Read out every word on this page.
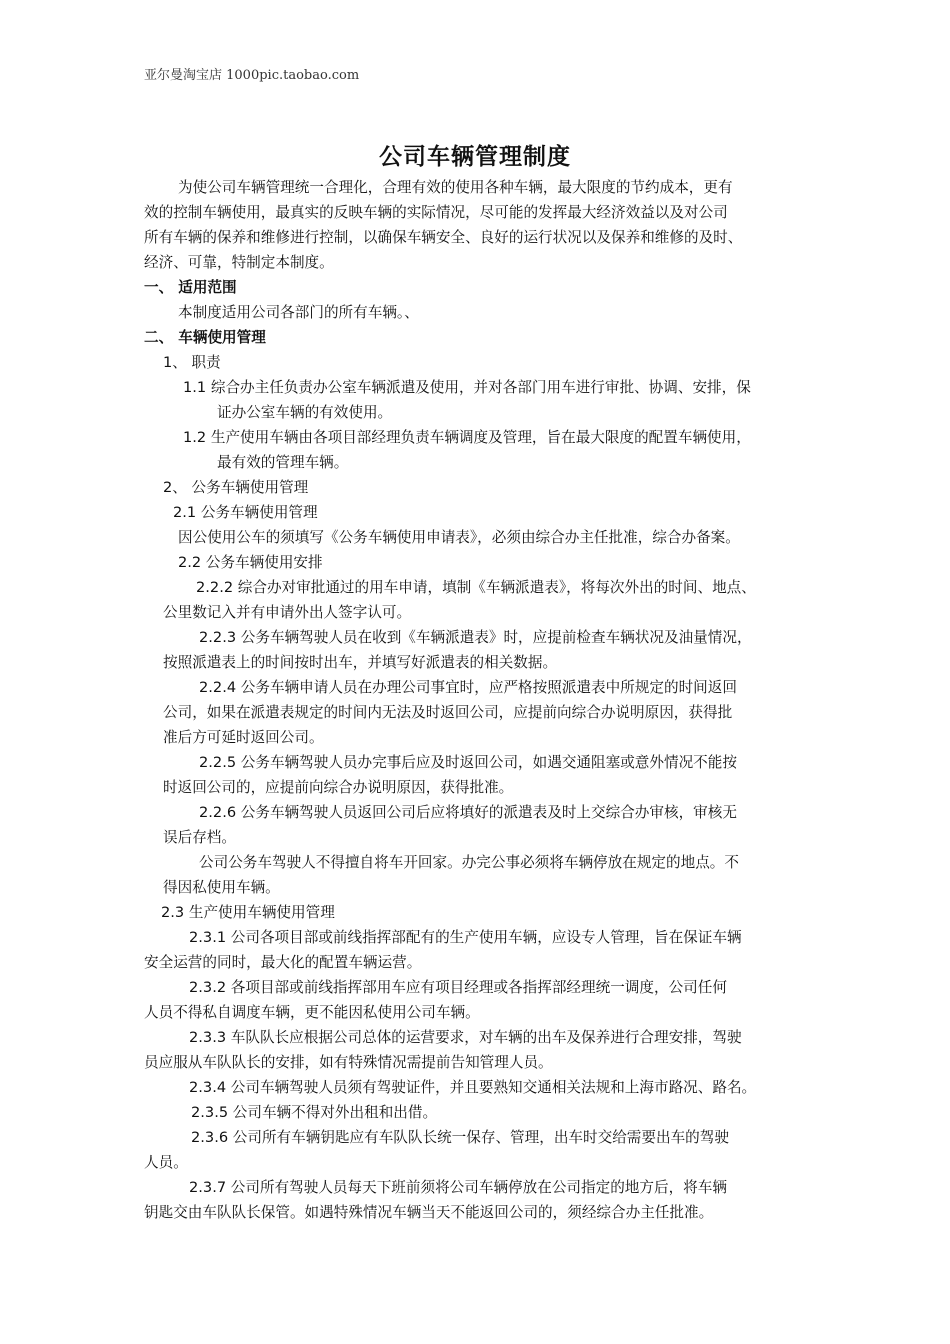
亚尔曼淘宝店 1000pic.taobao.com
公司车辆管理制度
为使公司车辆管理统一合理化，合理有效的使用各种车辆，最大限度的节约成本，更有
效的控制车辆使用，最真实的反映车辆的实际情况，尽可能的发挥最大经济效益以及对公司
所有车辆的保养和维修进行控制，以确保车辆安全、良好的运行状况以及保养和维修的及时、
经济、可靠，特制定本制度。
一、 适用范围
本制度适用公司各部门的所有车辆。、
二、 车辆使用管理
1、 职责
1.1 综合办主任负责办公室车辆派遣及使用，并对各部门用车进行审批、协调、安排，保
证办公室车辆的有效使用。
1.2 生产使用车辆由各项目部经理负责车辆调度及管理，旨在最大限度的配置车辆使用，
最有效的管理车辆。
2、 公务车辆使用管理
2.1 公务车辆使用管理
因公使用公车的须填写《公务车辆使用申请表》，必须由综合办主任批准，综合办备案。
2.2 公务车辆使用安排
2.2.2 综合办对审批通过的用车申请，填制《车辆派遣表》，将每次外出的时间、地点、
公里数记入并有申请外出人签字认可。
2.2.3 公务车辆驾驶人员在收到《车辆派遣表》时，应提前检查车辆状况及油量情况，
按照派遣表上的时间按时出车，并填写好派遣表的相关数据。
2.2.4 公务车辆申请人员在办理公司事宜时，应严格按照派遣表中所规定的时间返回
公司，如果在派遣表规定的时间内无法及时返回公司，应提前向综合办说明原因，获得批
准后方可延时返回公司。
2.2.5 公务车辆驾驶人员办完事后应及时返回公司，如遇交通阻塞或意外情况不能按
时返回公司的，应提前向综合办说明原因，获得批准。
2.2.6 公务车辆驾驶人员返回公司后应将填好的派遣表及时上交综合办审核，审核无
误后存档。
公司公务车驾驶人不得擅自将车开回家。办完公事必须将车辆停放在规定的地点。不
得因私使用车辆。
2.3 生产使用车辆使用管理
2.3.1 公司各项目部或前线指挥部配有的生产使用车辆，应设专人管理，旨在保证车辆
安全运营的同时，最大化的配置车辆运营。
2.3.2 各项目部或前线指挥部用车应有项目经理或各指挥部经理统一调度，公司任何
人员不得私自调度车辆，更不能因私使用公司车辆。
2.3.3 车队队长应根据公司总体的运营要求，对车辆的出车及保养进行合理安排，驾驶
员应服从车队队长的安排，如有特殊情况需提前告知管理人员。
2.3.4 公司车辆驾驶人员须有驾驶证件，并且要熟知交通相关法规和上海市路况、路名。
2.3.5 公司车辆不得对外出租和出借。
2.3.6 公司所有车辆钥匙应有车队队长统一保存、管理，出车时交给需要出车的驾驶
人员。
2.3.7 公司所有驾驶人员每天下班前须将公司车辆停放在公司指定的地方后，将车辆
钥匙交由车队队长保管。如遇特殊情况车辆当天不能返回公司的，须经综合办主任批准。
